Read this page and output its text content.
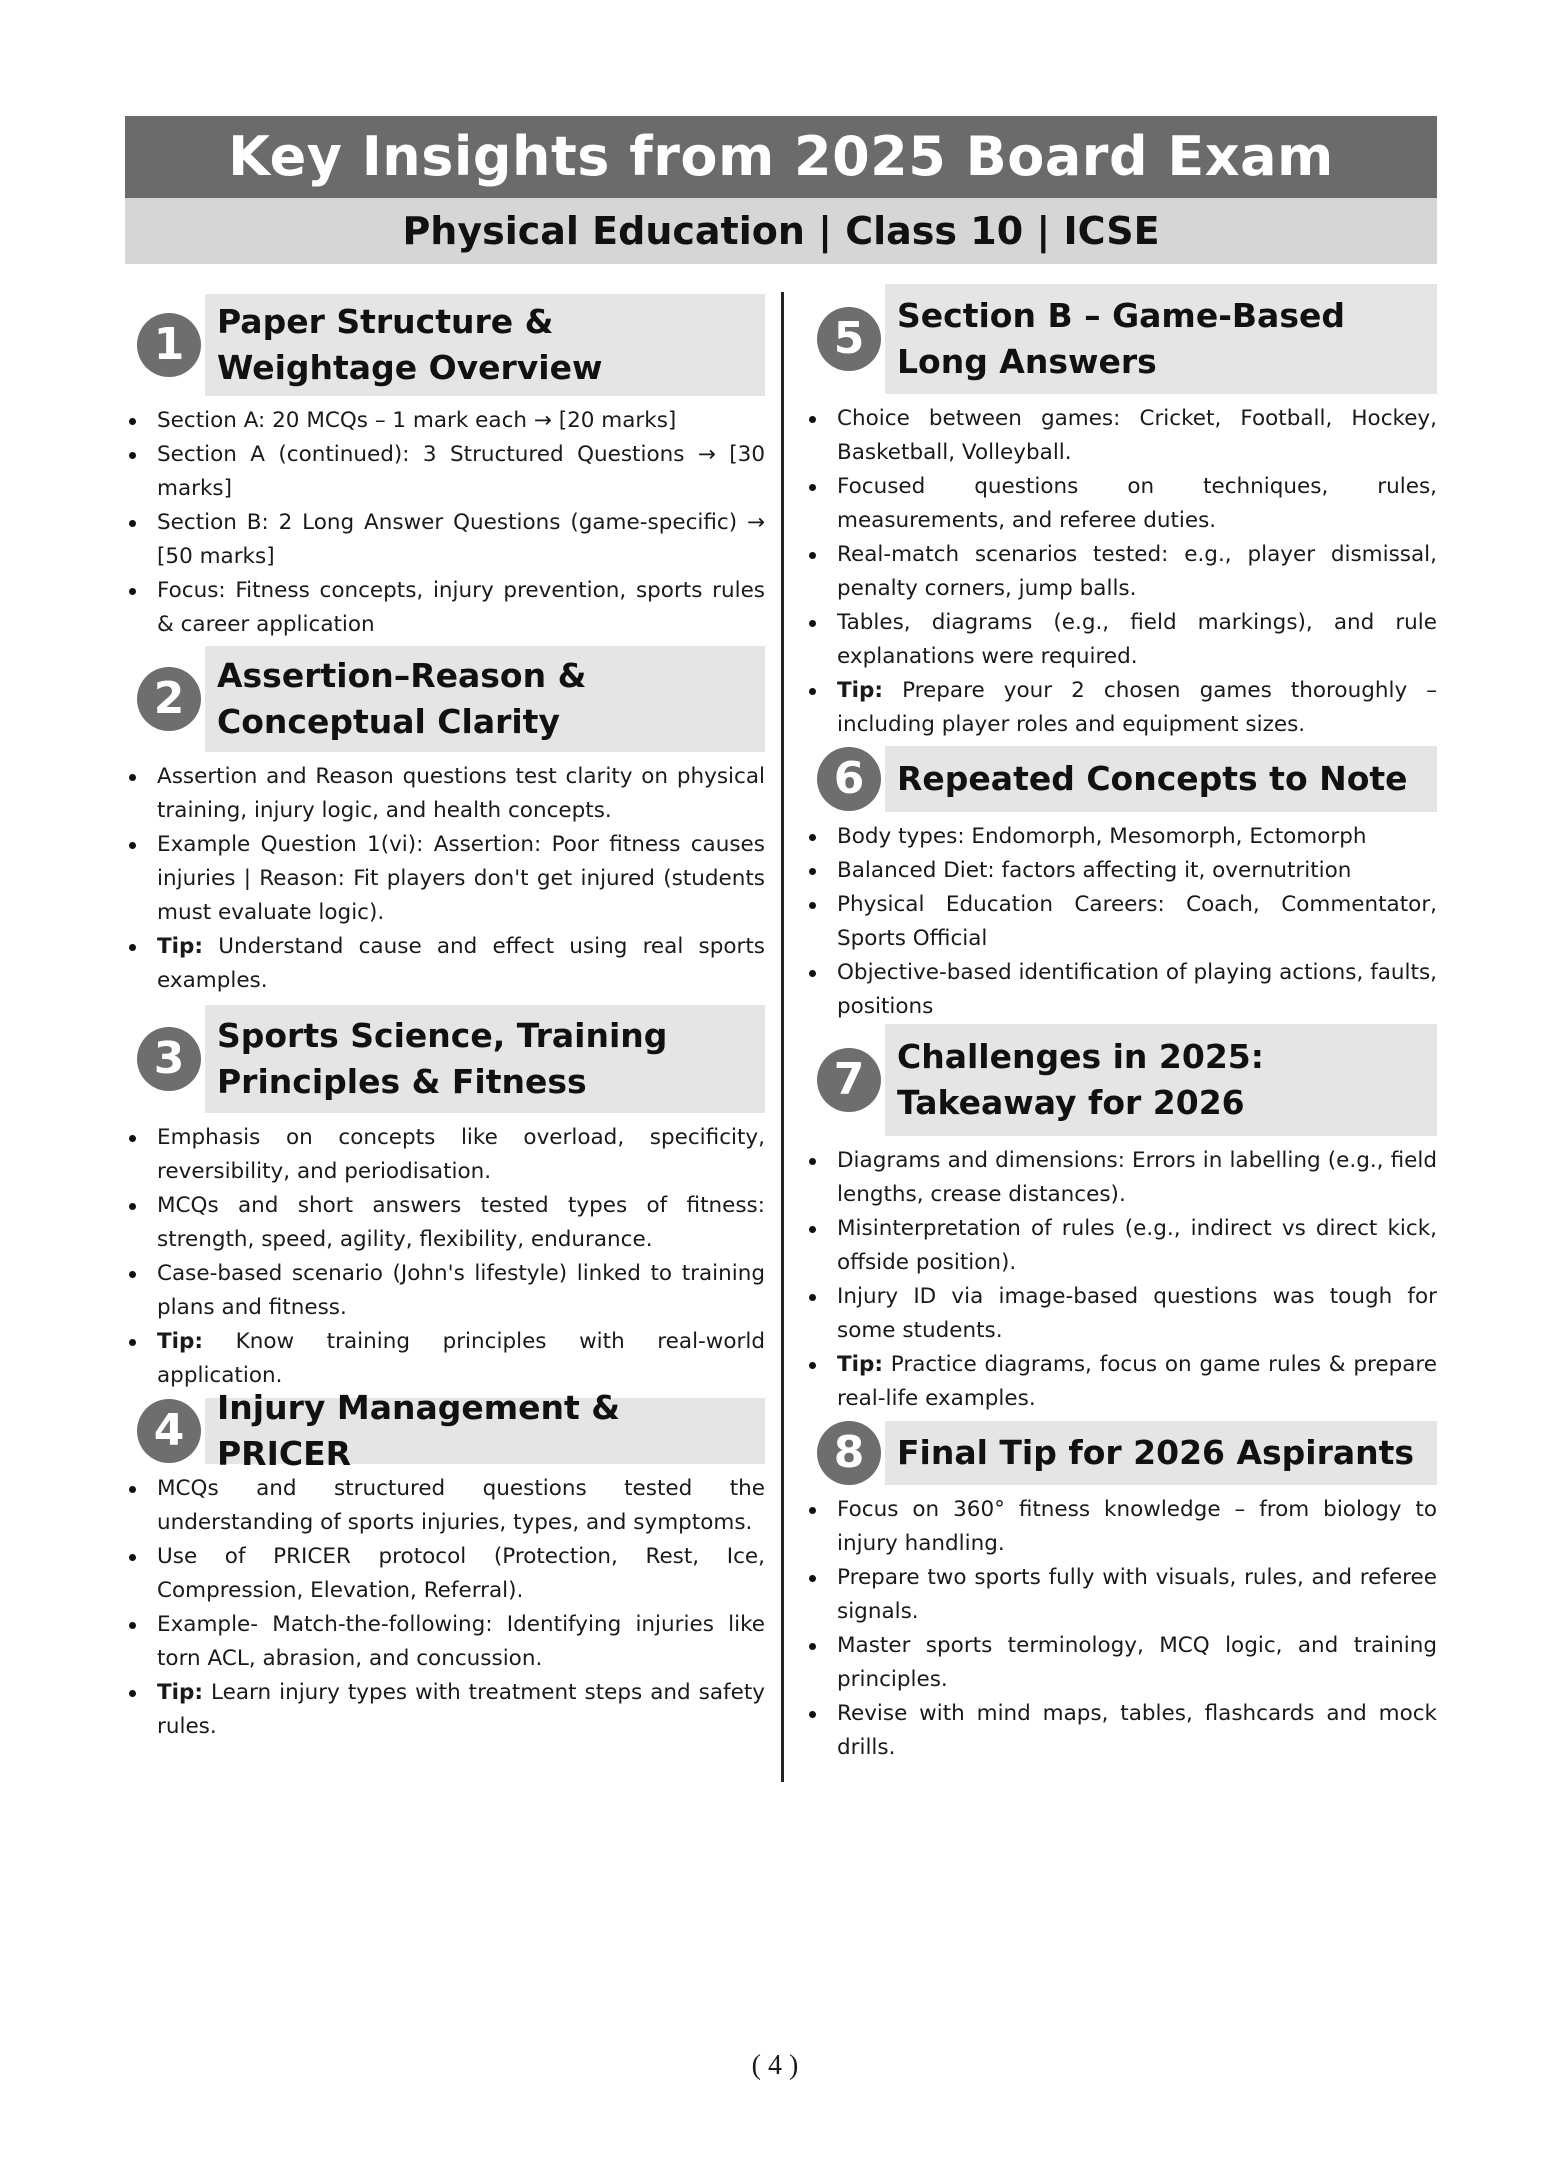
Key Insights from 2025 Board Exam
Physical Education | Class 10 | ICSE
1 Paper Structure & Weightage Overview
Section A: 20 MCQs – 1 mark each → [20 marks]
Section A (continued): 3 Structured Questions → [30 marks]
Section B: 2 Long Answer Questions (game-specific) → [50 marks]
Focus: Fitness concepts, injury prevention, sports rules & career application
2 Assertion–Reason & Conceptual Clarity
Assertion and Reason questions test clarity on physical training, injury logic, and health concepts.
Example Question 1(vi): Assertion: Poor fitness causes injuries | Reason: Fit players don't get injured (students must evaluate logic).
Tip: Understand cause and effect using real sports examples.
3 Sports Science, Training Principles & Fitness
Emphasis on concepts like overload, specificity, reversibility, and periodisation.
MCQs and short answers tested types of fitness: strength, speed, agility, flexibility, endurance.
Case-based scenario (John's lifestyle) linked to training plans and fitness.
Tip: Know training principles with real-world application.
4 Injury Management & PRICER
MCQs and structured questions tested the understanding of sports injuries, types, and symptoms.
Use of PRICER protocol (Protection, Rest, Ice, Compression, Elevation, Referral).
Example- Match-the-following: Identifying injuries like torn ACL, abrasion, and concussion.
Tip: Learn injury types with treatment steps and safety rules.
5 Section B – Game-Based Long Answers
Choice between games: Cricket, Football, Hockey, Basketball, Volleyball.
Focused questions on techniques, rules, measurements, and referee duties.
Real-match scenarios tested: e.g., player dismissal, penalty corners, jump balls.
Tables, diagrams (e.g., field markings), and rule explanations were required.
Tip: Prepare your 2 chosen games thoroughly – including player roles and equipment sizes.
6 Repeated Concepts to Note
Body types: Endomorph, Mesomorph, Ectomorph
Balanced Diet: factors affecting it, overnutrition
Physical Education Careers: Coach, Commentator, Sports Official
Objective-based identification of playing actions, faults, positions
7 Challenges in 2025: Takeaway for 2026
Diagrams and dimensions: Errors in labelling (e.g., field lengths, crease distances).
Misinterpretation of rules (e.g., indirect vs direct kick, offside position).
Injury ID via image-based questions was tough for some students.
Tip: Practice diagrams, focus on game rules & prepare real-life examples.
8 Final Tip for 2026 Aspirants
Focus on 360° fitness knowledge – from biology to injury handling.
Prepare two sports fully with visuals, rules, and referee signals.
Master sports terminology, MCQ logic, and training principles.
Revise with mind maps, tables, flashcards and mock drills.
( 4 )
